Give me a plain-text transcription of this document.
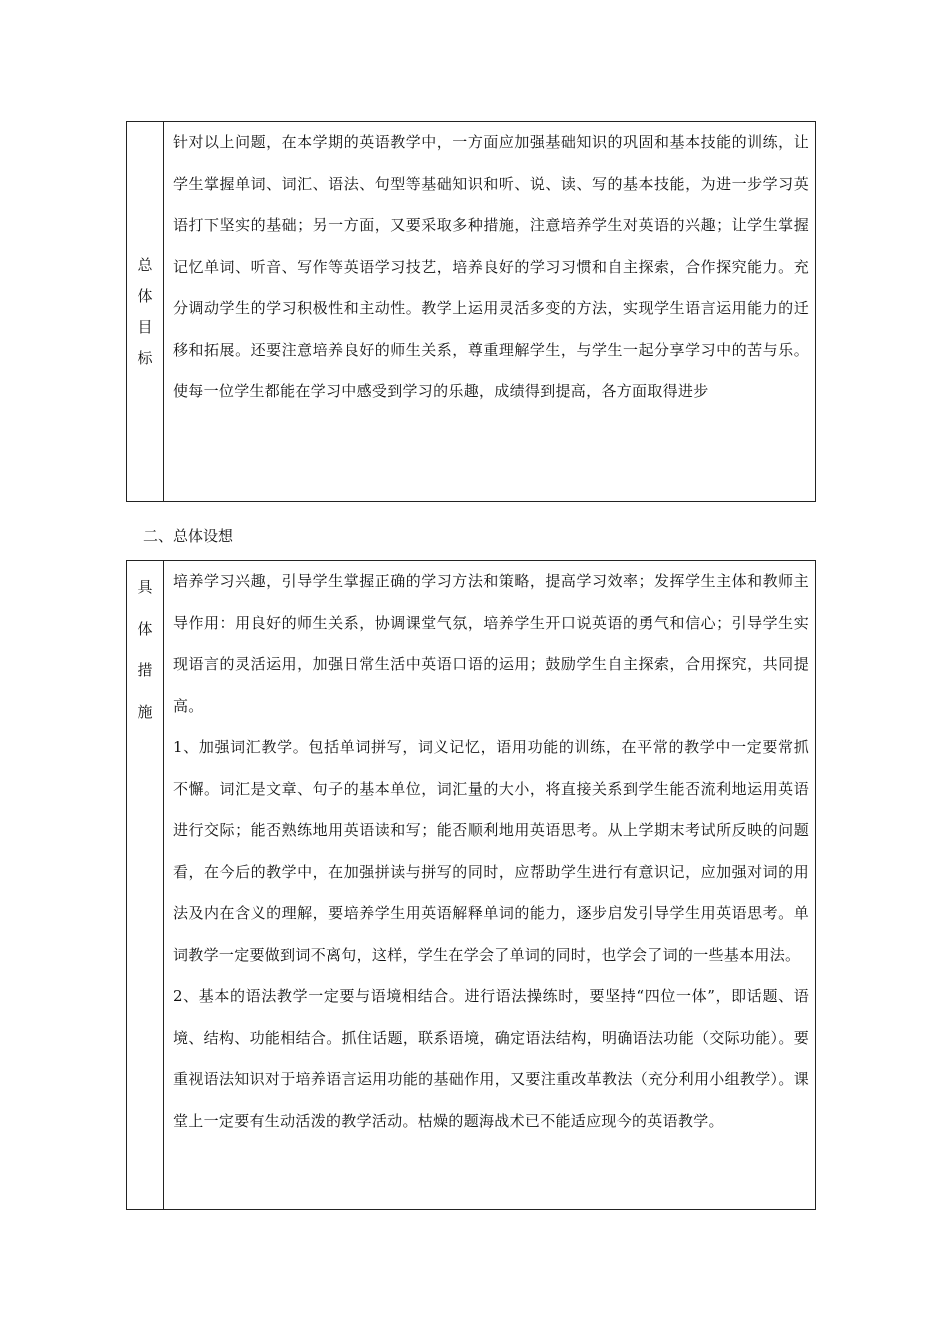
总
体
目
标

针对以上问题，在本学期的英语教学中，一方面应加强基础知识的巩固和基本技能的训练，让学生掌握单词、词汇、语法、句型等基础知识和听、说、读、写的基本技能，为进一步学习英语打下坚实的基础；另一方面，又要采取多种措施，注意培养学生对英语的兴趣；让学生掌握记忆单词、听音、写作等英语学习技艺，培养良好的学习习惯和自主探索，合作探究能力。充分调动学生的学习积极性和主动性。教学上运用灵活多变的方法，实现学生语言运用能力的迁移和拓展。还要注意培养良好的师生关系，尊重理解学生，与学生一起分享学习中的苦与乐。使每一位学生都能在学习中感受到学习的乐趣，成绩得到提高，各方面取得进步

二、总体设想

具
体
措
施

培养学习兴趣，引导学生掌握正确的学习方法和策略，提高学习效率；发挥学生主体和教师主导作用：用良好的师生关系，协调课堂气氛，培养学生开口说英语的勇气和信心；引导学生实现语言的灵活运用，加强日常生活中英语口语的运用；鼓励学生自主探索，合用探究，共同提高。

1、加强词汇教学。包括单词拼写，词义记忆，语用功能的训练，在平常的教学中一定要常抓不懈。词汇是文章、句子的基本单位，词汇量的大小，将直接关系到学生能否流利地运用英语进行交际；能否熟练地用英语读和写；能否顺利地用英语思考。从上学期末考试所反映的问题看，在今后的教学中，在加强拼读与拼写的同时，应帮助学生进行有意识记，应加强对词的用法及内在含义的理解，要培养学生用英语解释单词的能力，逐步启发引导学生用英语思考。单词教学一定要做到词不离句，这样，学生在学会了单词的同时，也学会了词的一些基本用法。

2、基本的语法教学一定要与语境相结合。进行语法操练时，要坚持“四位一体”，即话题、语境、结构、功能相结合。抓住话题，联系语境，确定语法结构，明确语法功能（交际功能）。要重视语法知识对于培养语言运用功能的基础作用，又要注重改革教法（充分利用小组教学）。课堂上一定要有生动活泼的教学活动。枯燥的题海战术已不能适应现今的英语教学。
